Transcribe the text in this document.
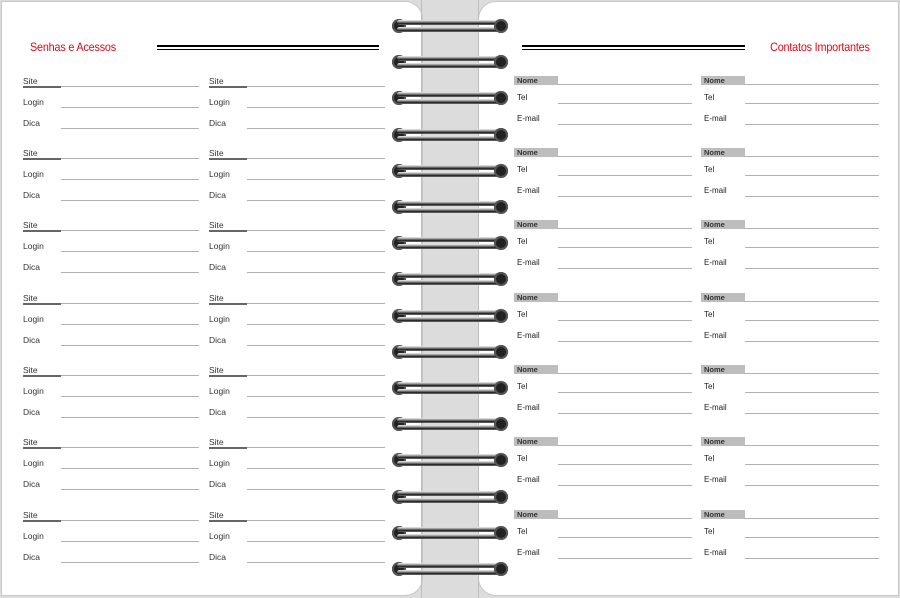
Senhas e Acessos
Site
Login
Dica
Site
Login
Dica
Site
Login
Dica
Site
Login
Dica
Site
Login
Dica
Site
Login
Dica
Site
Login
Dica
Site
Login
Dica
Site
Login
Dica
Site
Login
Dica
Site
Login
Dica
Site
Login
Dica
Site
Login
Dica
Site
Login
Dica
Contatos Importantes
Nome
Tel
E-mail
Nome
Tel
E-mail
Nome
Tel
E-mail
Nome
Tel
E-mail
Nome
Tel
E-mail
Nome
Tel
E-mail
Nome
Tel
E-mail
Nome
Tel
E-mail
Nome
Tel
E-mail
Nome
Tel
E-mail
Nome
Tel
E-mail
Nome
Tel
E-mail
Nome
Tel
E-mail
Nome
Tel
E-mail
